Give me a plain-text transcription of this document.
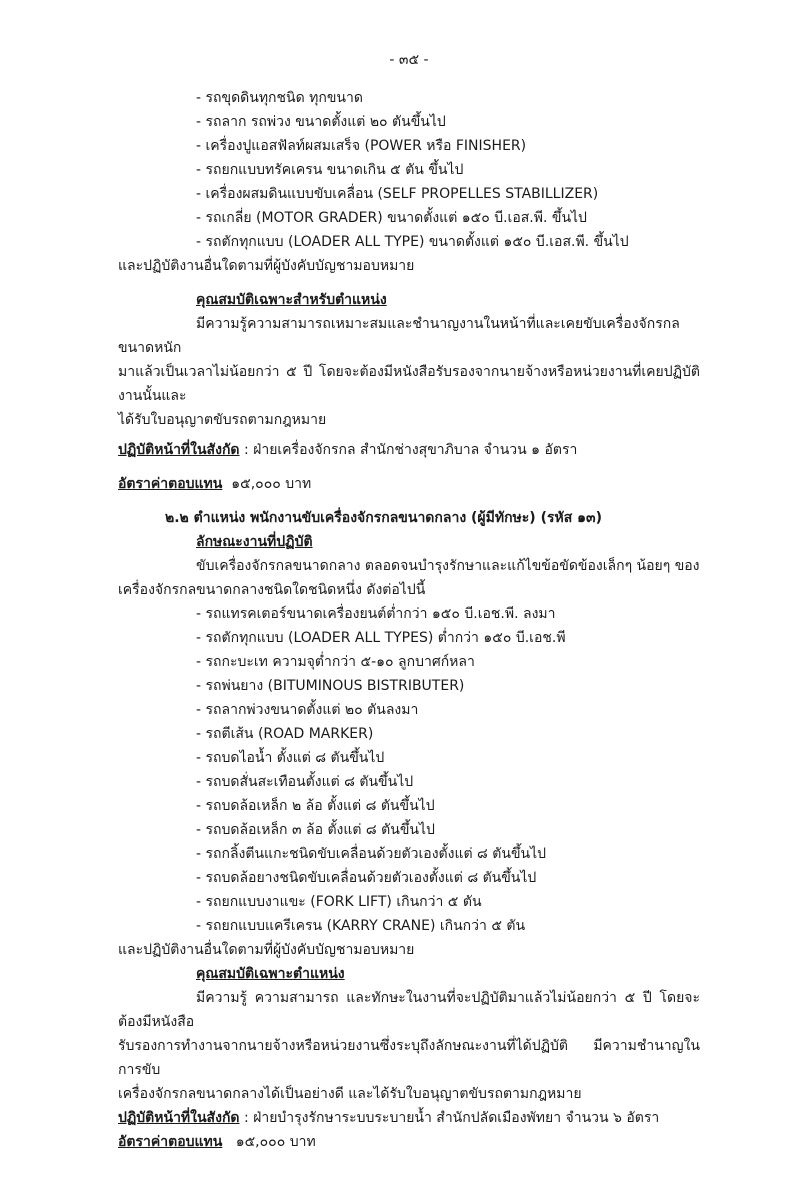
- ๓๕ -
- รถขุดดินทุกชนิด ทุกขนาด
- รถลาก รถพ่วง ขนาดตั้งแต่ ๒๐ ตันขึ้นไป
- เครื่องปูแอสฟัลท์ผสมเสร็จ (POWER หรือ FINISHER)
- รถยกแบบทรัคเครน ขนาดเกิน ๕ ตัน ขึ้นไป
- เครื่องผสมดินแบบขับเคลื่อน (SELF PROPELLES STABILLIZER)
- รถเกลี่ย (MOTOR GRADER) ขนาดตั้งแต่ ๑๕๐ บี.เอส.พี. ขึ้นไป
- รถตักทุกแบบ (LOADER ALL TYPE) ขนาดตั้งแต่ ๑๕๐ บี.เอส.พี. ขึ้นไป
และปฏิบัติงานอื่นใดตามที่ผู้บังคับบัญชามอบหมาย
คุณสมบัติเฉพาะสำหรับตำแหน่ง
มีความรู้ความสามารถเหมาะสมและชำนาญงานในหน้าที่และเคยขับเครื่องจักรกลขนาดหนัก
มาแล้วเป็นเวลาไม่น้อยกว่า ๕ ปี โดยจะต้องมีหนังสือรับรองจากนายจ้างหรือหน่วยงานที่เคยปฏิบัติงานนั้นและ
ได้รับใบอนุญาตขับรถตามกฎหมาย
ปฏิบัติหน้าที่ในสังกัด : ฝ่ายเครื่องจักรกล สำนักช่างสุขาภิบาล จำนวน ๑ อัตรา
อัตราค่าตอบแทน ๑๕,๐๐๐ บาท
๒.๒ ตำแหน่ง พนักงานขับเครื่องจักรกลขนาดกลาง (ผู้มีทักษะ) (รหัส ๑๓)
ลักษณะงานที่ปฏิบัติ
ขับเครื่องจักรกลขนาดกลาง ตลอดจนบำรุงรักษาและแก้ไขข้อขัดข้องเล็กๆ น้อยๆ ของ
เครื่องจักรกลขนาดกลางชนิดใดชนิดหนึ่ง ดังต่อไปนี้
- รถแทรคเตอร์ขนาดเครื่องยนต์ต่ำกว่า ๑๕๐ บี.เอช.พี. ลงมา
- รถตักทุกแบบ (LOADER ALL TYPES) ต่ำกว่า ๑๕๐ บี.เอช.พี
- รถกะบะเท ความจุต่ำกว่า ๕-๑๐ ลูกบาศก์หลา
- รถพ่นยาง (BITUMINOUS BISTRIBUTER)
- รถลากพ่วงขนาดตั้งแต่ ๒๐ ตันลงมา
- รถตีเส้น (ROAD MARKER)
- รถบดไอน้ำ ตั้งแต่ ๘ ตันขึ้นไป
- รถบดสั่นสะเทือนตั้งแต่ ๘ ตันขึ้นไป
- รถบดล้อเหล็ก ๒ ล้อ ตั้งแต่ ๘ ตันขึ้นไป
- รถบดล้อเหล็ก ๓ ล้อ ตั้งแต่ ๘ ตันขึ้นไป
- รถกลิ้งตีนแกะชนิดขับเคลื่อนด้วยตัวเองตั้งแต่ ๘ ตันขึ้นไป
- รถบดล้อยางชนิดขับเคลื่อนด้วยตัวเองตั้งแต่ ๘ ตันขึ้นไป
- รถยกแบบงาแขะ (FORK LIFT) เกินกว่า ๕ ตัน
- รถยกแบบแครีเครน (KARRY CRANE) เกินกว่า ๕ ตัน
และปฏิบัติงานอื่นใดตามที่ผู้บังคับบัญชามอบหมาย
คุณสมบัติเฉพาะตำแหน่ง
มีความรู้ ความสามารถ และทักษะในงานที่จะปฏิบัติมาแล้วไม่น้อยกว่า ๕ ปี โดยจะต้องมีหนังสือ
รับรองการทำงานจากนายจ้างหรือหน่วยงานซึ่งระบุถึงลักษณะงานที่ได้ปฏิบัติ มีความชำนาญในการขับ
เครื่องจักรกลขนาดกลางได้เป็นอย่างดี และได้รับใบอนุญาตขับรถตามกฎหมาย
ปฏิบัติหน้าที่ในสังกัด : ฝ่ายบำรุงรักษาระบบระบายน้ำ สำนักปลัดเมืองพัทยา จำนวน ๖ อัตรา
อัตราค่าตอบแทน ๑๕,๐๐๐ บาท
